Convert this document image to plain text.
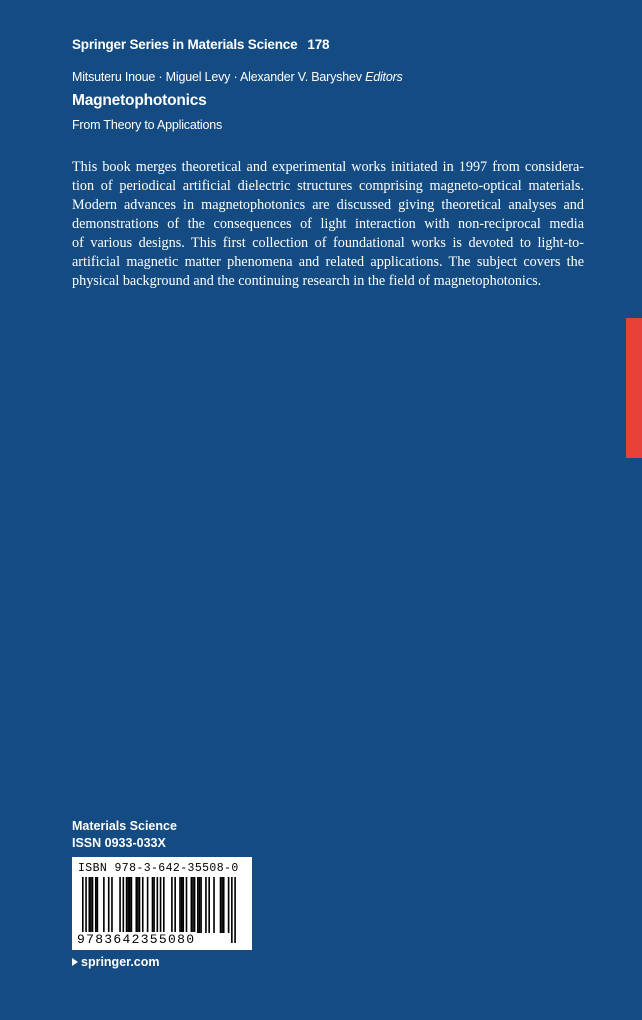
Springer Series in Materials Science 178
Mitsuteru Inoue · Miguel Levy · Alexander V. Baryshev Editors
Magnetophotonics
From Theory to Applications
This book merges theoretical and experimental works initiated in 1997 from considera-
tion of periodical artificial dielectric structures comprising magneto-optical materials.
Modern advances in magnetophotonics are discussed giving theoretical analyses and
demonstrations of the consequences of light interaction with non-reciprocal media
of various designs. This first collection of foundational works is devoted to light-to-
artificial magnetic matter phenomena and related applications. The subject covers the
physical background and the continuing research in the field of magnetophotonics.
Materials Science
ISSN 0933-033X
ISBN 978-3-642-35508-0
9783642355080
springer.com
